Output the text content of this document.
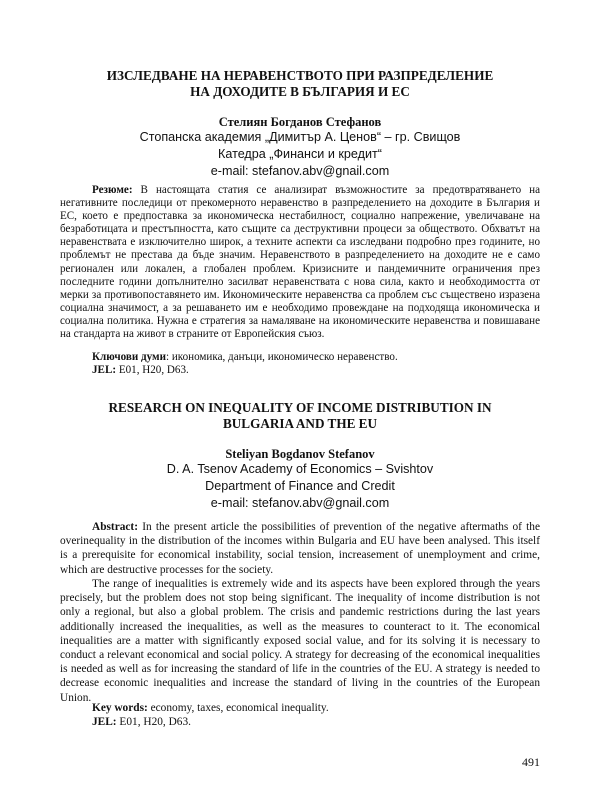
ИЗСЛЕДВАНЕ НА НЕРАВЕНСТВОТО ПРИ РАЗПРЕДЕЛЕНИЕ
НА ДОХОДИТЕ В БЪЛГАРИЯ И ЕС

Стелиян Богданов Стефанов

Стопанска академия „Димитър А. Ценов“ – гр. Свищов
Катедра „Финанси и кредит“
e-mail: stefanov.abv@gnail.com

Резюме: В настоящата статия се анализират възможностите за предотвратяването на негативните последици от прекомерното неравенство в разпределението на доходите в България и ЕС, което е предпоставка за икономическа нестабилност, социално напрежение, увеличаване на безработицата и престъпността, като същите са деструктивни процеси за обществото. Обхватът на неравенствата е изключително широк, а техните аспекти са изследвани подробно през годините, но проблемът не престава да бъде значим. Неравенството в разпределението на доходите не е само регионален или локален, а глобален проблем. Кризисните и пандемичните ограничения през последните години допълнително засилват неравенствата с нова сила, както и необходимостта от мерки за противопоставянето им. Икономическите неравенства са проблем със съществено изразена социална значимост, а за решаването им е необходимо провеждане на подходяща икономическа и социална политика. Нужна е стратегия за намаляване на икономическите неравенства и повишаване на стандарта на живот в страните от Европейския съюз.

Ключови думи: икономика, данъци, икономическо неравенство.

JEL: E01, H20, D63.

RESEARCH ON INEQUALITY OF INCOME DISTRIBUTION IN
BULGARIA AND THE EU

Steliyan Bogdanov Stefanov

D. A. Tsenov Academy of Economics – Svishtov
Department of Finance and Credit
e-mail: stefanov.abv@gnail.com

Abstract: In the present article the possibilities of prevention of the negative aftermaths of the overinequality in the distribution of the incomes within Bulgaria and EU have been analysed. This itself is a prerequisite for economical instability, social tension, increasement of unemployment and crime, which are destructive processes for the society.

The range of inequalities is extremely wide and its aspects have been explored through the years precisely, but the problem does not stop being significant. The inequality of income distribution is not only a regional, but also a global problem. The crisis and pandemic restrictions during the last years additionally increased the inequalities, as well as the measures to counteract to it. The economical inequalities are a matter with significantly exposed social value, and for its solving it is necessary to conduct a relevant economical and social policy. A strategy for decreasing of the economical inequalities is needed as well as for increasing the standard of life in the countries of the EU. A strategy is needed to decrease economic inequalities and increase the standard of living in the countries of the European Union.

Key words: economy, taxes, economical inequality.

JEL: E01, H20, D63.

491
